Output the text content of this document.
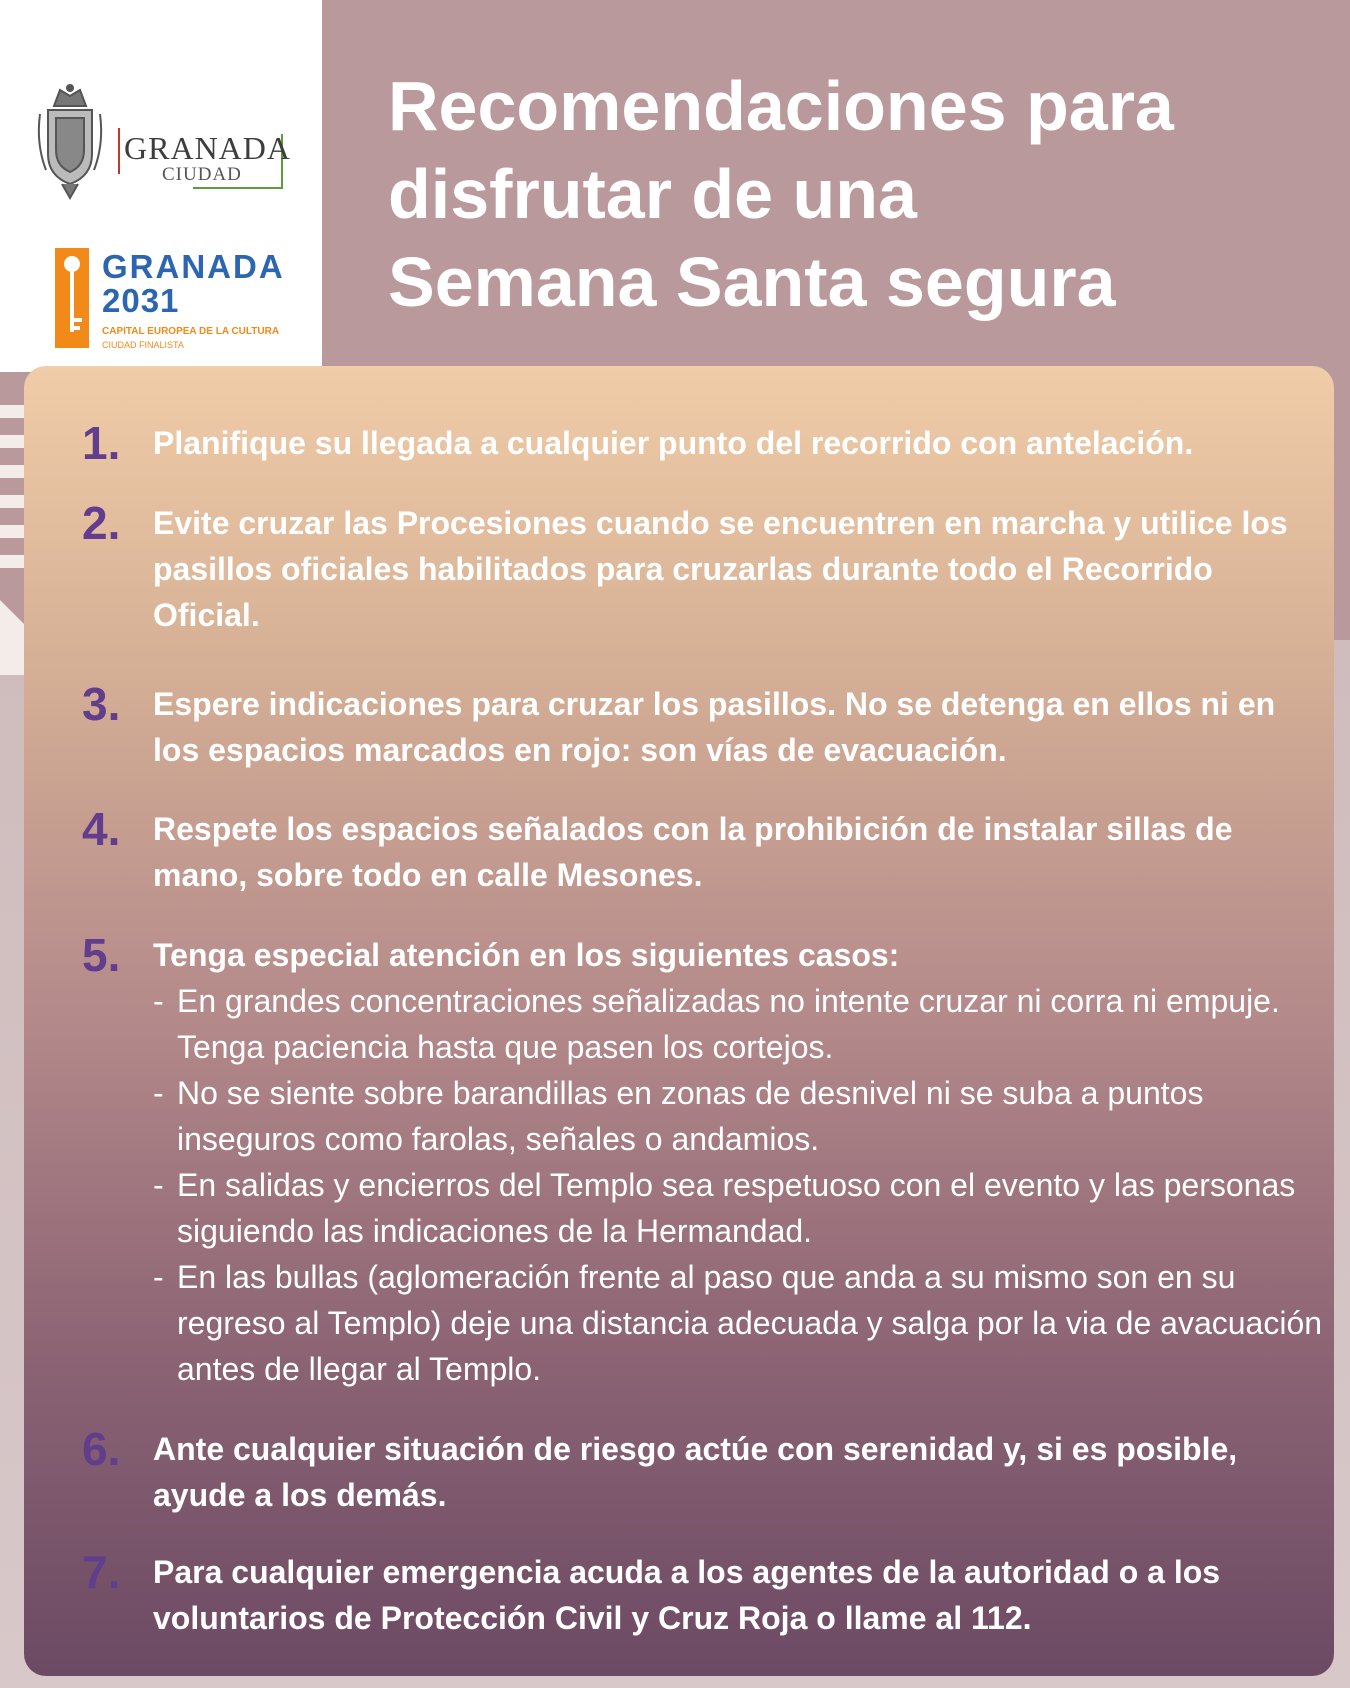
GRANADA
CIUDAD
GRANADA
2031
CAPITAL EUROPEA DE LA CULTURA
CIUDAD FINALISTA
Recomendaciones para
disfrutar de una
Semana Santa segura
1. Planifique su llegada a cualquier punto del recorrido con antelación.
2. Evite cruzar las Procesiones cuando se encuentren en marcha y utilice los pasillos oficiales habilitados para cruzarlas durante todo el Recorrido Oficial.
3. Espere indicaciones para cruzar los pasillos. No se detenga en ellos ni en los espacios marcados en rojo: son vías de evacuación.
4. Respete los espacios señalados con la prohibición de instalar sillas de mano, sobre todo en calle Mesones.
5. Tenga especial atención en los siguientes casos:
- En grandes concentraciones señalizadas no intente cruzar ni corra ni empuje. Tenga paciencia hasta que pasen los cortejos.
- No se siente sobre barandillas en zonas de desnivel ni se suba a puntos inseguros como farolas, señales o andamios.
- En salidas y encierros del Templo sea respetuoso con el evento y las personas siguiendo las indicaciones de la Hermandad.
- En las bullas (aglomeración frente al paso que anda a su mismo son en su regreso al Templo) deje una distancia adecuada y salga por la via de avacuación antes de llegar al Templo.
6. Ante cualquier situación de riesgo actúe con serenidad y, si es posible, ayude a los demás.
7. Para cualquier emergencia acuda a los agentes de la autoridad o a los voluntarios de Protección Civil y Cruz Roja o llame al 112.
